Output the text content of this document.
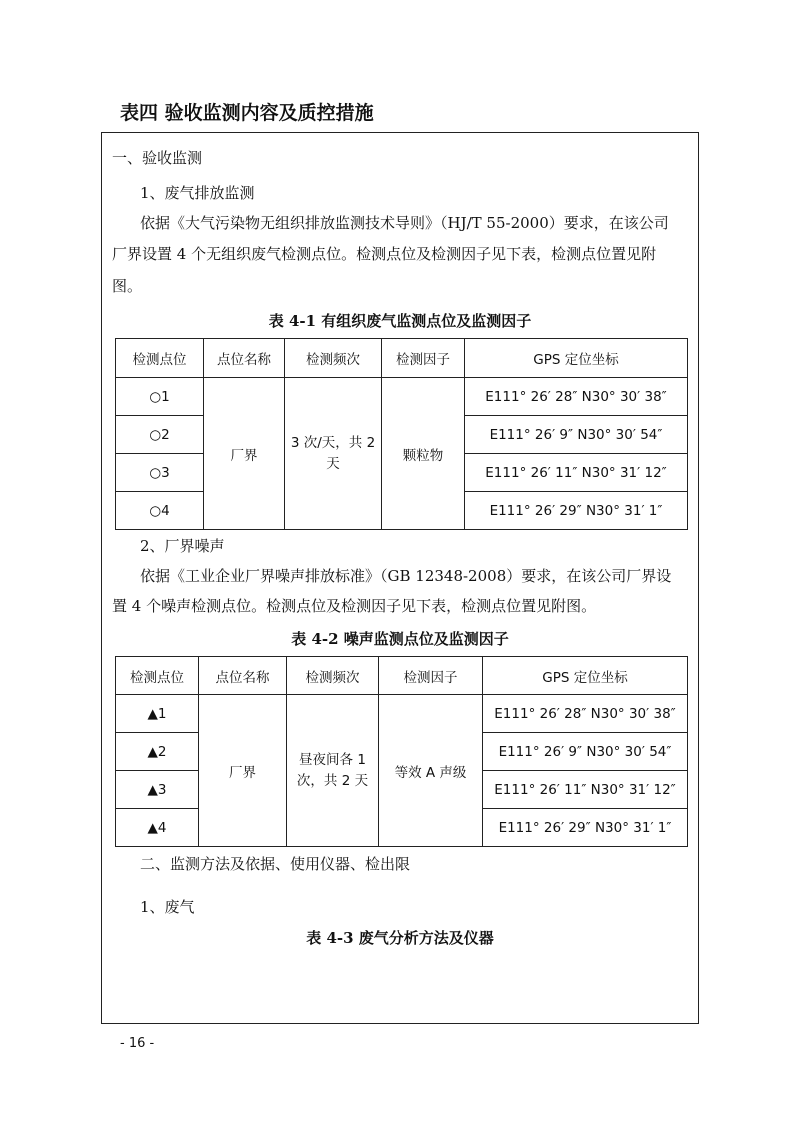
表四 验收监测内容及质控措施

一、验收监测

1、废气排放监测

依据《大气污染物无组织排放监测技术导则》（HJ/T 55-2000）要求，在该公司

厂界设置 4 个无组织废气检测点位。检测点位及检测因子见下表，检测点位置见附

图。

表 4-1 有组织废气监测点位及监测因子

检测点位	点位名称	检测频次	检测因子	GPS 定位坐标
○1	厂界	3 次/天，共 2 天	颗粒物	E111° 26′ 28″ N30° 30′ 38″
○2				E111° 26′ 9″ N30° 30′ 54″
○3				E111° 26′ 11″ N30° 31′ 12″
○4				E111° 26′ 29″ N30° 31′ 1″

2、厂界噪声

依据《工业企业厂界噪声排放标准》（GB 12348-2008）要求，在该公司厂界设

置 4 个噪声检测点位。检测点位及检测因子见下表，检测点位置见附图。

表 4-2 噪声监测点位及监测因子

检测点位	点位名称	检测频次	检测因子	GPS 定位坐标
▲1	厂界	昼夜间各 1 次，共 2 天	等效 A 声级	E111° 26′ 28″ N30° 30′ 38″
▲2				E111° 26′ 9″ N30° 30′ 54″
▲3				E111° 26′ 11″ N30° 31′ 12″
▲4				E111° 26′ 29″ N30° 31′ 1″

二、监测方法及依据、使用仪器、检出限

1、废气

表 4-3 废气分析方法及仪器

- 16 -
